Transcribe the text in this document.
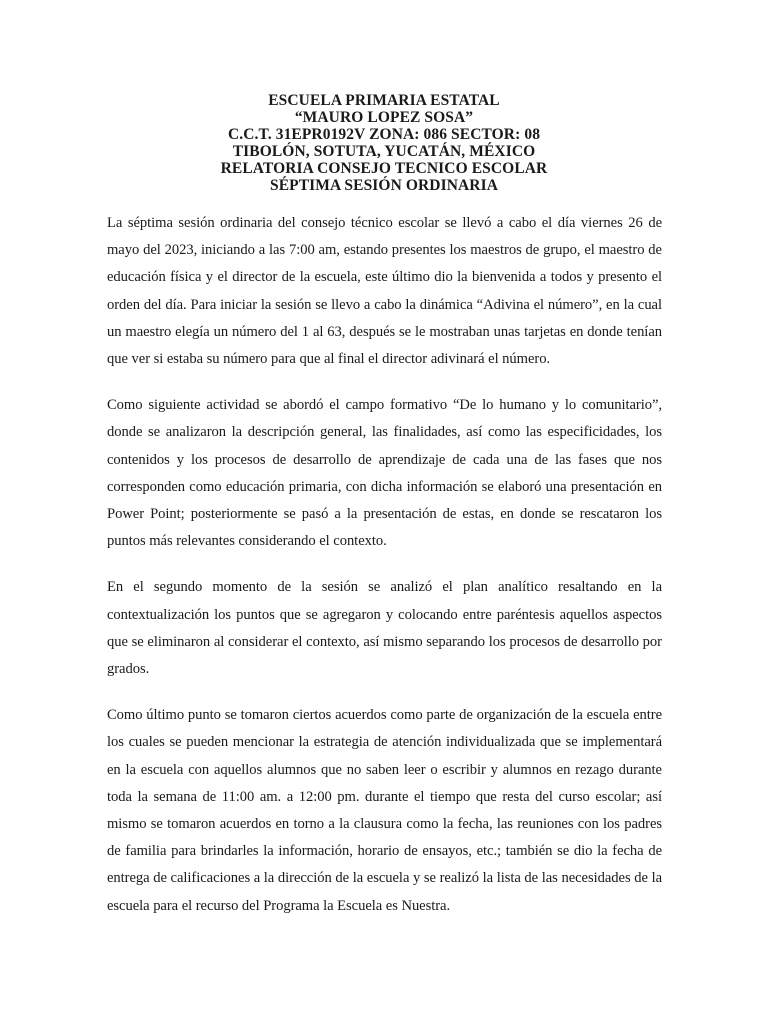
ESCUELA PRIMARIA ESTATAL
“MAURO LOPEZ SOSA”
C.C.T. 31EPR0192V ZONA: 086 SECTOR: 08
TIBOLÓN, SOTUTA, YUCATÁN, MÉXICO
RELATORIA CONSEJO TECNICO ESCOLAR
SÉPTIMA SESIÓN ORDINARIA

La séptima sesión ordinaria del consejo técnico escolar se llevó a cabo el día viernes 26 de mayo del 2023, iniciando a las 7:00 am, estando presentes los maestros de grupo, el maestro de educación física y el director de la escuela, este último dio la bienvenida a todos y presento el orden del día. Para iniciar la sesión se llevo a cabo la dinámica “Adivina el número”, en la cual un maestro elegía un número del 1 al 63, después se le mostraban unas tarjetas en donde tenían que ver si estaba su número para que al final el director adivinará el número.

Como siguiente actividad se abordó el campo formativo “De lo humano y lo comunitario”, donde se analizaron la descripción general, las finalidades, así como las especificidades, los contenidos y los procesos de desarrollo de aprendizaje de cada una de las fases que nos corresponden como educación primaria, con dicha información se elaboró una presentación en Power Point; posteriormente se pasó a la presentación de estas, en donde se rescataron los puntos más relevantes considerando el contexto.

En el segundo momento de la sesión se analizó el plan analítico resaltando en la contextualización los puntos que se agregaron y colocando entre paréntesis aquellos aspectos que se eliminaron al considerar el contexto, así mismo separando los procesos de desarrollo por grados.

Como último punto se tomaron ciertos acuerdos como parte de organización de la escuela entre los cuales se pueden mencionar la estrategia de atención individualizada que se implementará en la escuela con aquellos alumnos que no saben leer o escribir y alumnos en rezago durante toda la semana de 11:00 am. a 12:00 pm. durante el tiempo que resta del curso escolar; así mismo se tomaron acuerdos en torno a la clausura como la fecha, las reuniones con los padres de familia para brindarles la información, horario de ensayos, etc.; también se dio la fecha de entrega de calificaciones a la dirección de la escuela y se realizó la lista de las necesidades de la escuela para el recurso del Programa la Escuela es Nuestra.
